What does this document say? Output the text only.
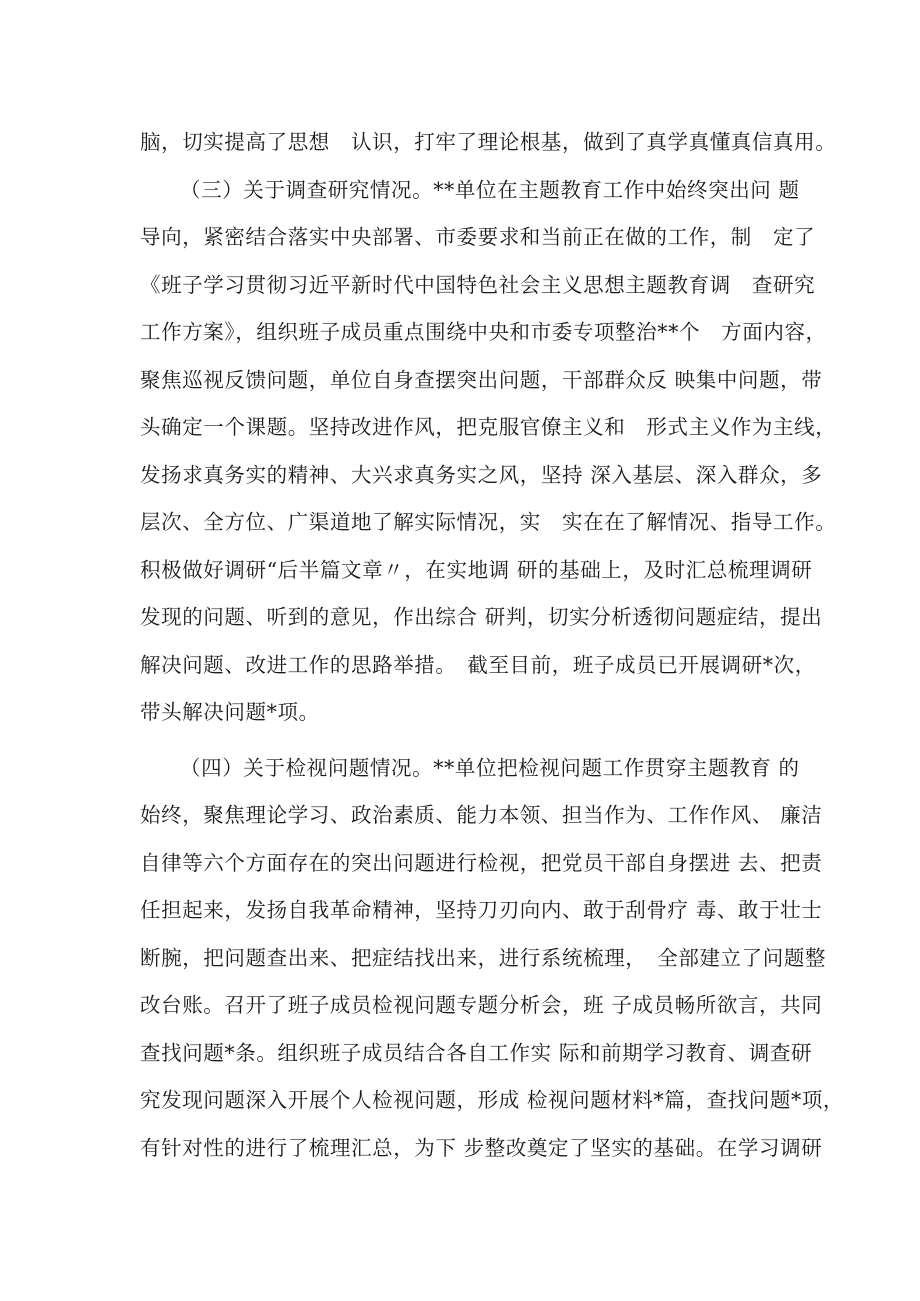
脑，切实提高了思想　认识，打牢了理论根基，做到了真学真懂真信真用。
（三）关于调查研究情况。**单位在主题教育工作中始终突出问 题
导向，紧密结合落实中央部署、市委要求和当前正在做的工作，制　定了
《班子学习贯彻习近平新时代中国特色社会主义思想主题教育调　查研究
工作方案》，组织班子成员重点围绕中央和市委专项整治**个　方面内容，
聚焦巡视反馈问题，单位自身查摆突出问题，干部群众反 映集中问题，带
头确定一个课题。坚持改进作风，把克服官僚主义和　形式主义作为主线，
发扬求真务实的精神、大兴求真务实之风，坚持 深入基层、深入群众，多
层次、全方位、广渠道地了解实际情况，实　实在在了解情况、指导工作。
积极做好调研“后半篇文章〃，在实地调 研的基础上，及时汇总梳理调研
发现的问题、听到的意见，作出综合 研判，切实分析透彻问题症结，提出
解决问题、改进工作的思路举措。　截至目前，班子成员已开展调研*次，
带头解决问题*项。
（四）关于检视问题情况。**单位把检视问题工作贯穿主题教育 的
始终，聚焦理论学习、政治素质、能力本领、担当作为、工作作风、 廉洁
自律等六个方面存在的突出问题进行检视，把党员干部自身摆进 去、把责
任担起来，发扬自我革命精神，坚持刀刃向内、敢于刮骨疗 毒、敢于壮士
断腕，把问题查出来、把症结找出来，进行系统梳理，　全部建立了问题整
改台账。召开了班子成员检视问题专题分析会，班 子成员畅所欲言，共同
查找问题*条。组织班子成员结合各自工作实 际和前期学习教育、调查研
究发现问题深入开展个人检视问题，形成 检视问题材料*篇，查找问题*项，
有针对性的进行了梳理汇总，为下 步整改奠定了坚实的基础。在学习调研
